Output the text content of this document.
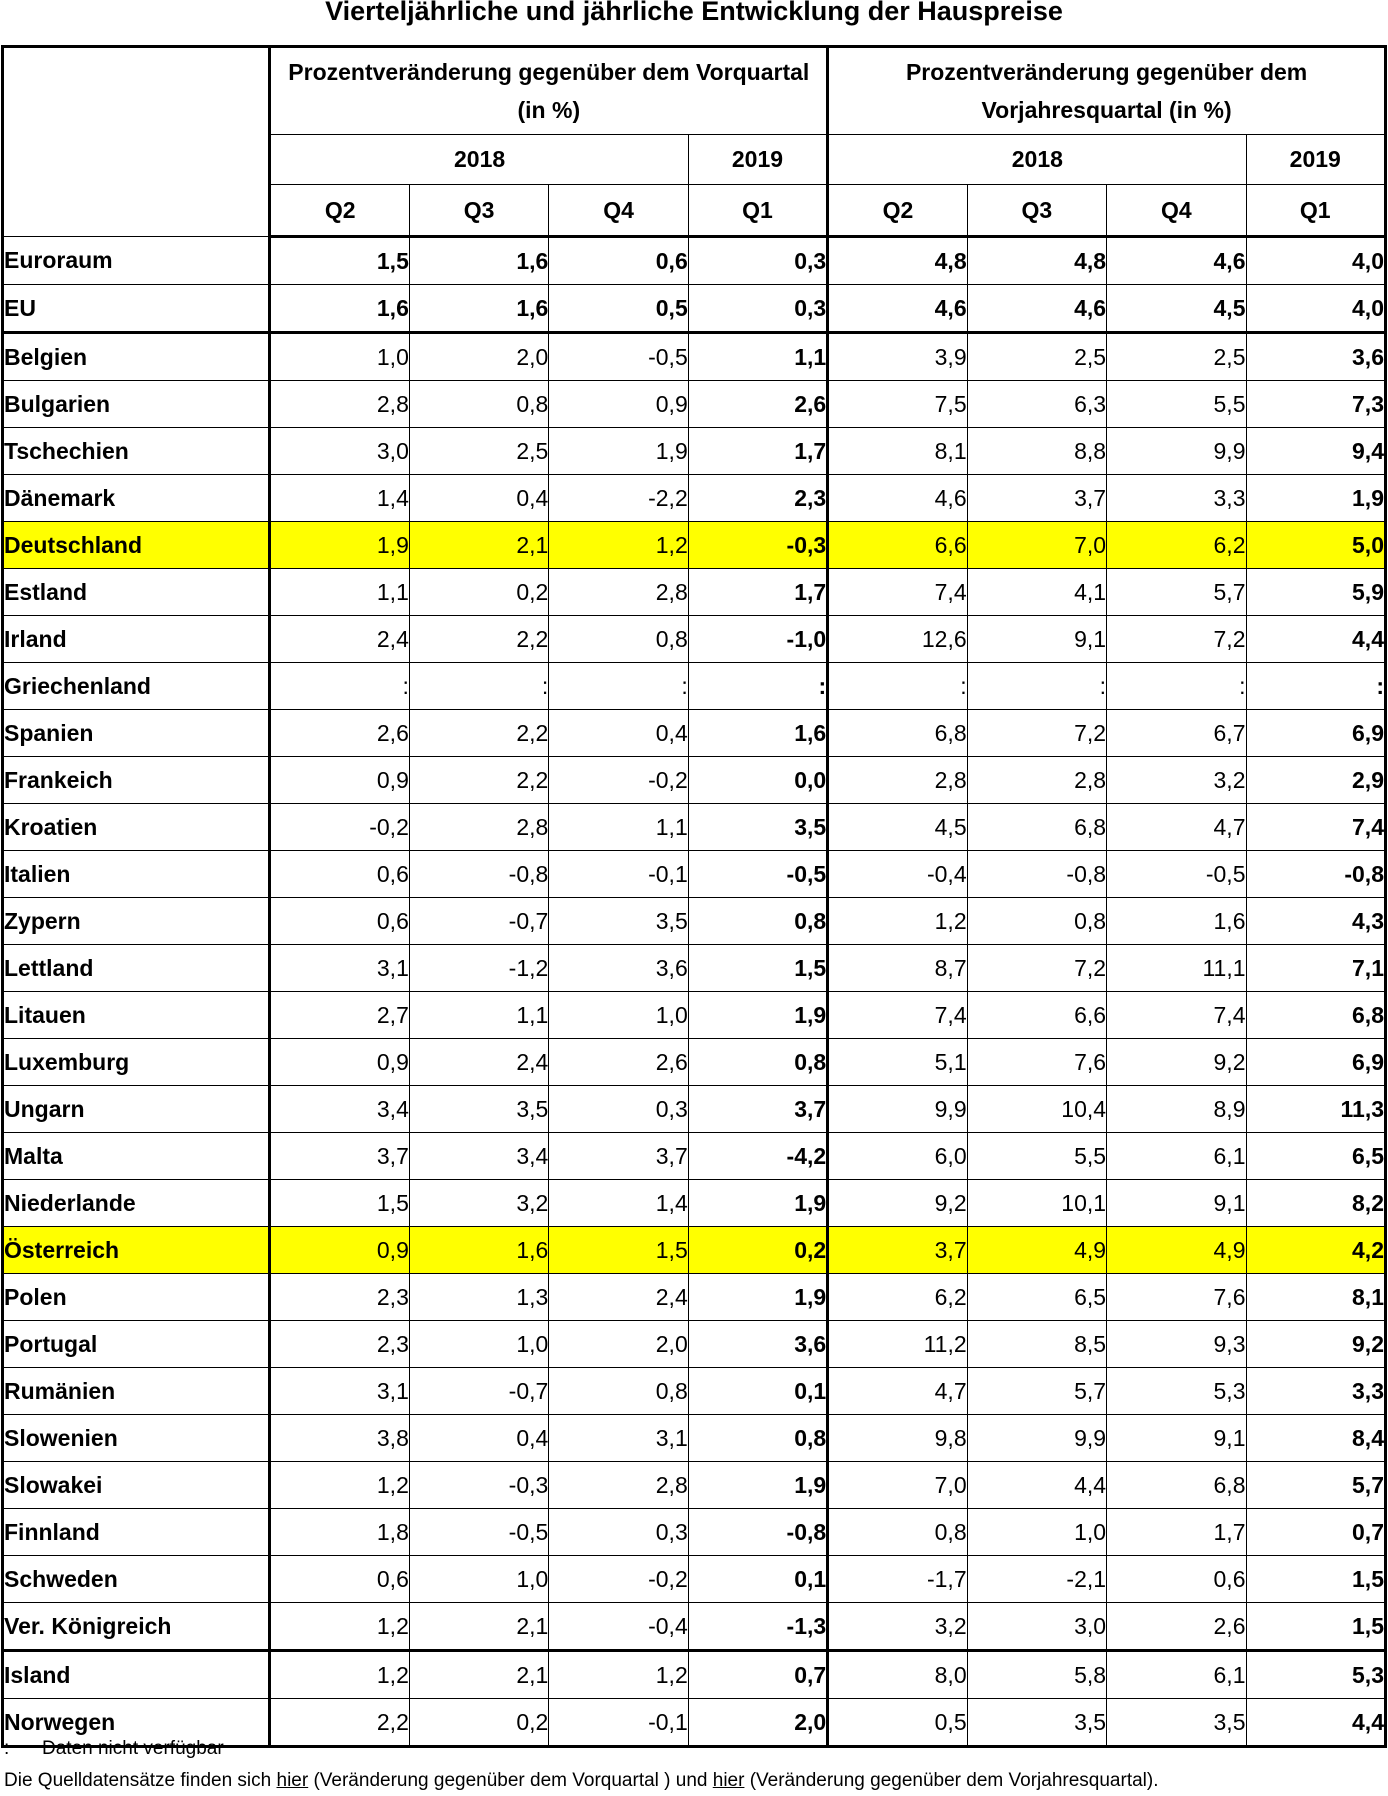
Vierteljährliche und jährliche Entwicklung der Hauspreise
	Prozentveränderung gegenüber dem Vorquartal (in %)				Prozentveränderung gegenüber dem Vorjahresquartal (in %)			
	2018			2019	2018			2019
	Q2	Q3	Q4	Q1	Q2	Q3	Q4	Q1
Euroraum	1,5	1,6	0,6	0,3	4,8	4,8	4,6	4,0
EU	1,6	1,6	0,5	0,3	4,6	4,6	4,5	4,0
Belgien	1,0	2,0	-0,5	1,1	3,9	2,5	2,5	3,6
Bulgarien	2,8	0,8	0,9	2,6	7,5	6,3	5,5	7,3
Tschechien	3,0	2,5	1,9	1,7	8,1	8,8	9,9	9,4
Dänemark	1,4	0,4	-2,2	2,3	4,6	3,7	3,3	1,9
Deutschland	1,9	2,1	1,2	-0,3	6,6	7,0	6,2	5,0
Estland	1,1	0,2	2,8	1,7	7,4	4,1	5,7	5,9
Irland	2,4	2,2	0,8	-1,0	12,6	9,1	7,2	4,4
Griechenland	:	:	:	:	:	:	:	:
Spanien	2,6	2,2	0,4	1,6	6,8	7,2	6,7	6,9
Frankeich	0,9	2,2	-0,2	0,0	2,8	2,8	3,2	2,9
Kroatien	-0,2	2,8	1,1	3,5	4,5	6,8	4,7	7,4
Italien	0,6	-0,8	-0,1	-0,5	-0,4	-0,8	-0,5	-0,8
Zypern	0,6	-0,7	3,5	0,8	1,2	0,8	1,6	4,3
Lettland	3,1	-1,2	3,6	1,5	8,7	7,2	11,1	7,1
Litauen	2,7	1,1	1,0	1,9	7,4	6,6	7,4	6,8
Luxemburg	0,9	2,4	2,6	0,8	5,1	7,6	9,2	6,9
Ungarn	3,4	3,5	0,3	3,7	9,9	10,4	8,9	11,3
Malta	3,7	3,4	3,7	-4,2	6,0	5,5	6,1	6,5
Niederlande	1,5	3,2	1,4	1,9	9,2	10,1	9,1	8,2
Österreich	0,9	1,6	1,5	0,2	3,7	4,9	4,9	4,2
Polen	2,3	1,3	2,4	1,9	6,2	6,5	7,6	8,1
Portugal	2,3	1,0	2,0	3,6	11,2	8,5	9,3	9,2
Rumänien	3,1	-0,7	0,8	0,1	4,7	5,7	5,3	3,3
Slowenien	3,8	0,4	3,1	0,8	9,8	9,9	9,1	8,4
Slowakei	1,2	-0,3	2,8	1,9	7,0	4,4	6,8	5,7
Finnland	1,8	-0,5	0,3	-0,8	0,8	1,0	1,7	0,7
Schweden	0,6	1,0	-0,2	0,1	-1,7	-2,1	0,6	1,5
Ver. Königreich	1,2	2,1	-0,4	-1,3	3,2	3,0	2,6	1,5
Island	1,2	2,1	1,2	0,7	8,0	5,8	6,1	5,3
Norwegen	2,2	0,2	-0,1	2,0	0,5	3,5	3,5	4,4
: Daten nicht verfügbar
Die Quelldatensätze finden sich hier (Veränderung gegenüber dem Vorquartal ) und hier (Veränderung gegenüber dem Vorjahresquartal).
